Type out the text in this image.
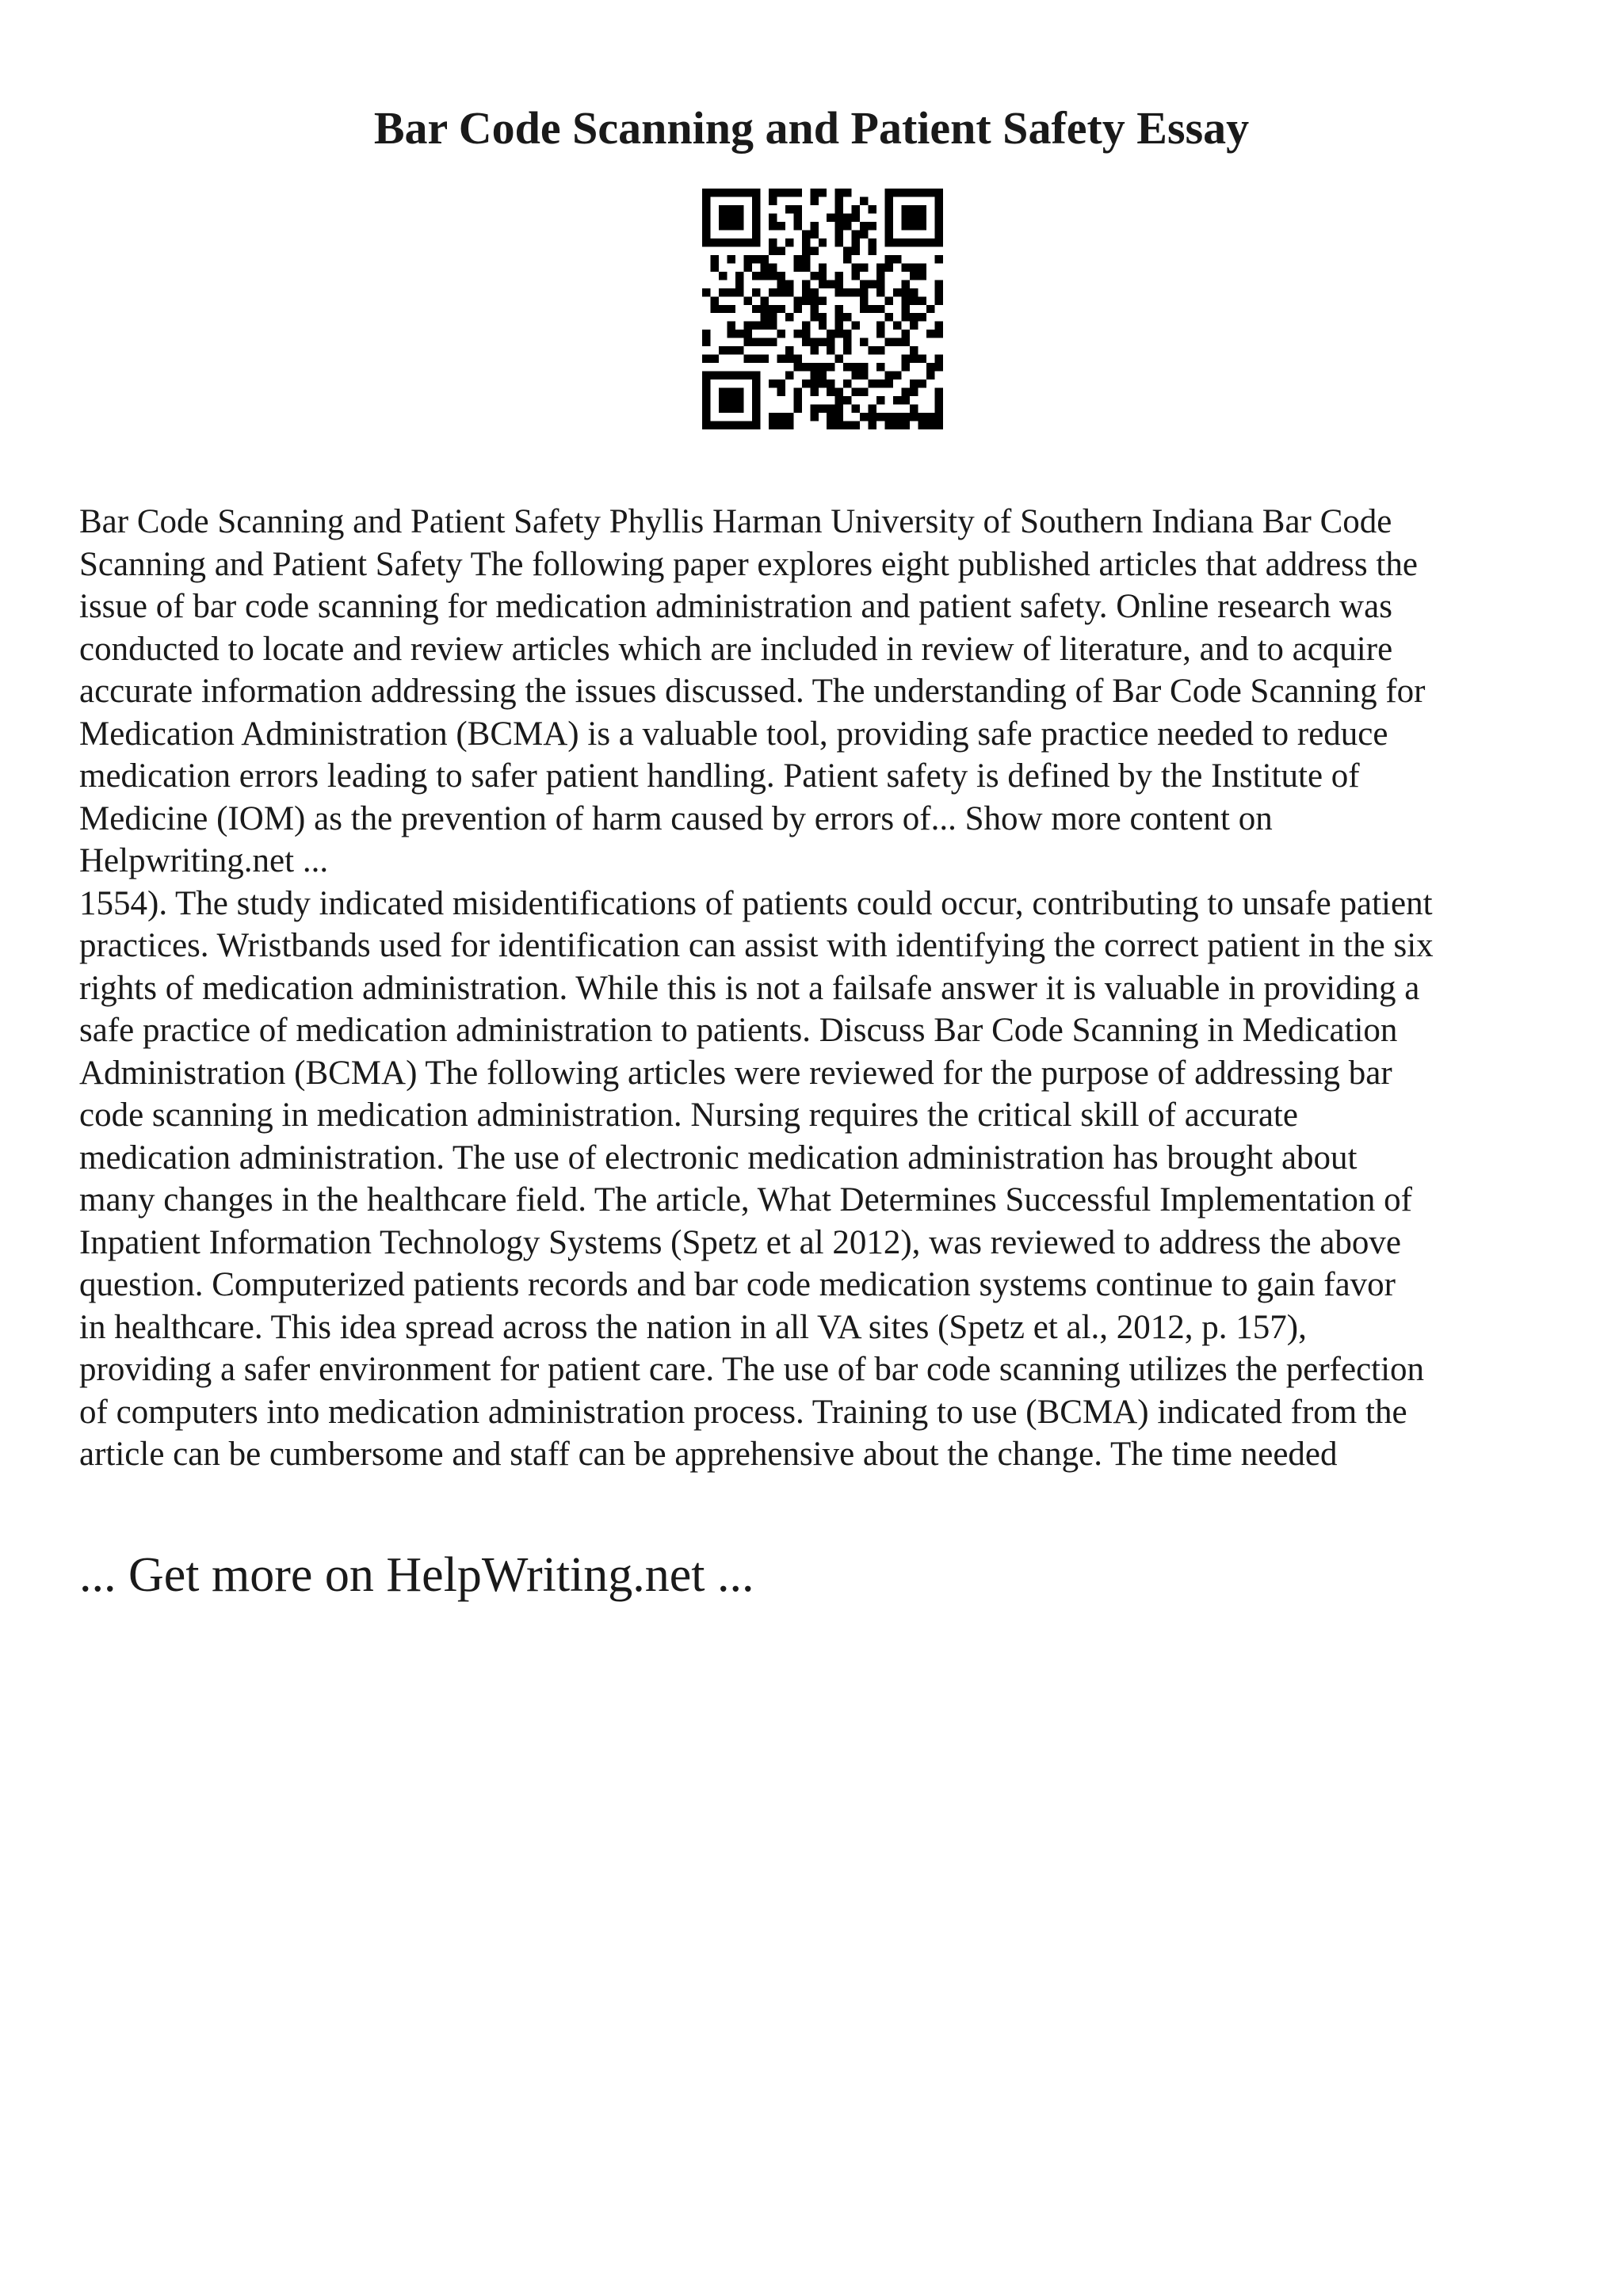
Bar Code Scanning and Patient Safety Essay

Bar Code Scanning and Patient Safety Phyllis Harman University of Southern Indiana Bar Code
Scanning and Patient Safety The following paper explores eight published articles that address the
issue of bar code scanning for medication administration and patient safety. Online research was
conducted to locate and review articles which are included in review of literature, and to acquire
accurate information addressing the issues discussed. The understanding of Bar Code Scanning for
Medication Administration (BCMA) is a valuable tool, providing safe practice needed to reduce
medication errors leading to safer patient handling. Patient safety is defined by the Institute of
Medicine (IOM) as the prevention of harm caused by errors of... Show more content on
Helpwriting.net ...

1554). The study indicated misidentifications of patients could occur, contributing to unsafe patient
practices. Wristbands used for identification can assist with identifying the correct patient in the six
rights of medication administration. While this is not a failsafe answer it is valuable in providing a
safe practice of medication administration to patients. Discuss Bar Code Scanning in Medication
Administration (BCMA) The following articles were reviewed for the purpose of addressing bar
code scanning in medication administration. Nursing requires the critical skill of accurate
medication administration. The use of electronic medication administration has brought about
many changes in the healthcare field. The article, What Determines Successful Implementation of
Inpatient Information Technology Systems (Spetz et al 2012), was reviewed to address the above
question. Computerized patients records and bar code medication systems continue to gain favor
in healthcare. This idea spread across the nation in all VA sites (Spetz et al., 2012, p. 157),
providing a safer environment for patient care. The use of bar code scanning utilizes the perfection
of computers into medication administration process. Training to use (BCMA) indicated from the
article can be cumbersome and staff can be apprehensive about the change. The time needed

... Get more on HelpWriting.net ...
